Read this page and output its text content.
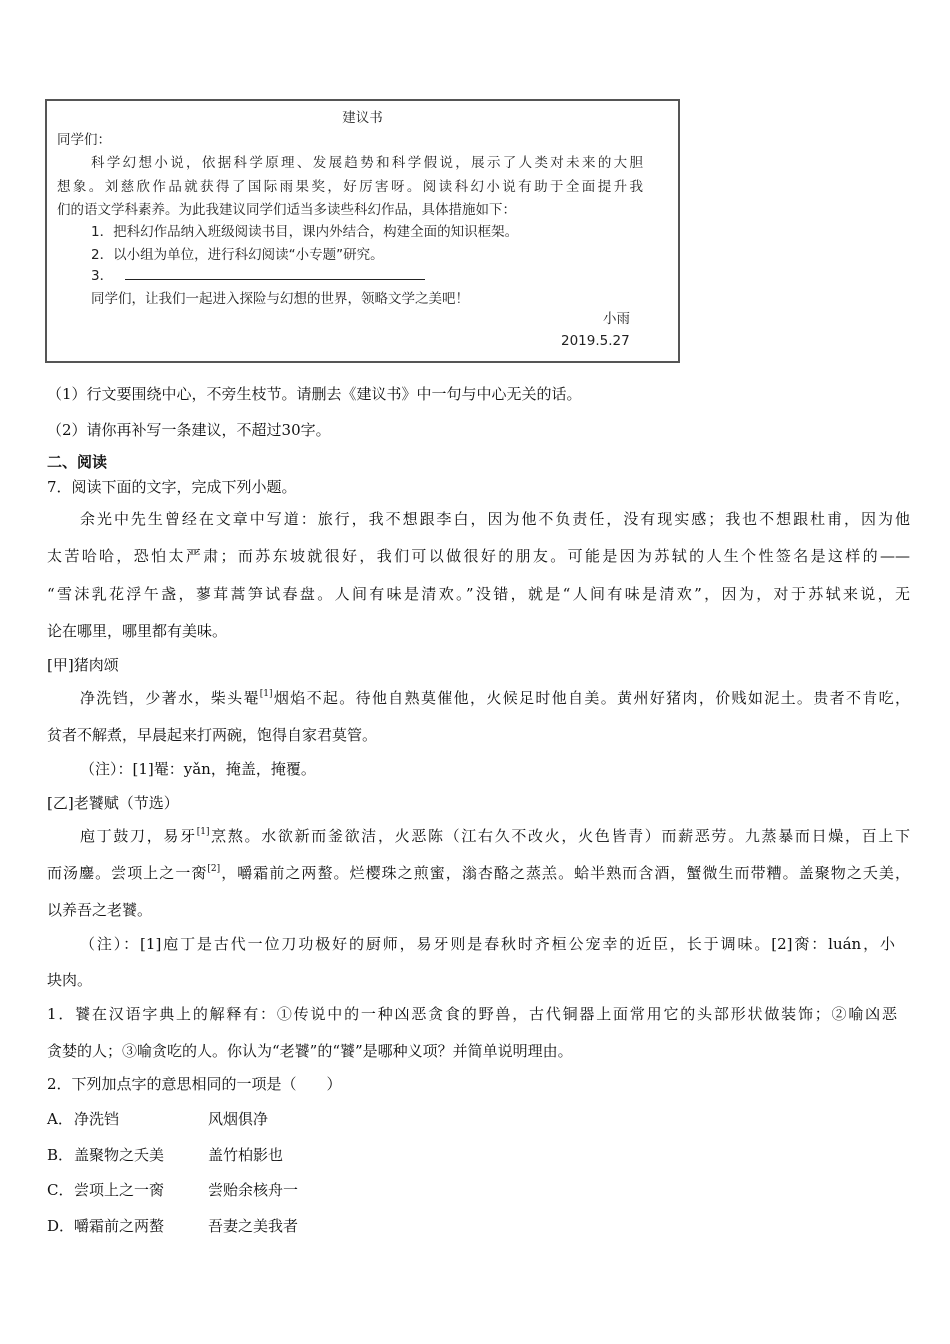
建议书
同学们：
科学幻想小说，依据科学原理、发展趋势和科学假说，展示了人类对未来的大胆
想象。刘慈欣作品就获得了国际雨果奖，好厉害呀。阅读科幻小说有助于全面提升我
们的语文学科素养。为此我建议同学们适当多读些科幻作品，具体措施如下：
1．把科幻作品纳入班级阅读书目，课内外结合，构建全面的知识框架。
2．以小组为单位，进行科幻阅读“小专题”研究。
3．
同学们，让我们一起进入探险与幻想的世界，领略文学之美吧！
小雨
2019.5.27
（1）行文要围绕中心，不旁生枝节。请删去《建议书》中一句与中心无关的话。
（2）请你再补写一条建议，不超过30字。
二、阅读
7．阅读下面的文字，完成下列小题。
余光中先生曾经在文章中写道：旅行，我不想跟李白，因为他不负责任，没有现实感；我也不想跟杜甫，因为他
太苦哈哈，恐怕太严肃；而苏东坡就很好，我们可以做很好的朋友。可能是因为苏轼的人生个性签名是这样的——
“雪沫乳花浮午盏，蓼茸蒿笋试春盘。人间有味是清欢。”没错，就是“人间有味是清欢”，因为，对于苏轼来说，无
论在哪里，哪里都有美味。
[甲]猪肉颂
净洗铛，少著水，柴头罨[1]烟焰不起。待他自熟莫催他，火候足时他自美。黄州好猪肉，价贱如泥土。贵者不肯吃，
贫者不解煮，早晨起来打两碗，饱得自家君莫管。
（注）：[1]罨：yǎn，掩盖，掩覆。
[乙]老饕赋（节选）
庖丁鼓刀，易牙[1]烹熬。水欲新而釜欲洁，火恶陈（江右久不改火，火色皆青）而薪恶劳。九蒸暴而日燥，百上下
而汤鏖。尝项上之一脔[2]，嚼霜前之两螯。烂樱珠之煎蜜，滃杏酪之蒸羔。蛤半熟而含酒，蟹微生而带糟。盖聚物之夭美，
以养吾之老饕。
（注）：[1]庖丁是古代一位刀功极好的厨师，易牙则是春秋时齐桓公宠幸的近臣，长于调味。[2]脔：luán，小
块肉。
1．饕在汉语字典上的解释有：①传说中的一种凶恶贪食的野兽，古代铜器上面常用它的头部形状做装饰；②喻凶恶
贪婪的人；③喻贪吃的人。你认为“老饕”的“饕”是哪种义项？并简单说明理由。
2．下列加点字的意思相同的一项是（　　）
A． 净洗铛	风烟俱净
B． 盖聚物之夭美	盖竹柏影也
C． 尝项上之一脔	尝贻余核舟一
D． 嚼霜前之两螯	吾妻之美我者
